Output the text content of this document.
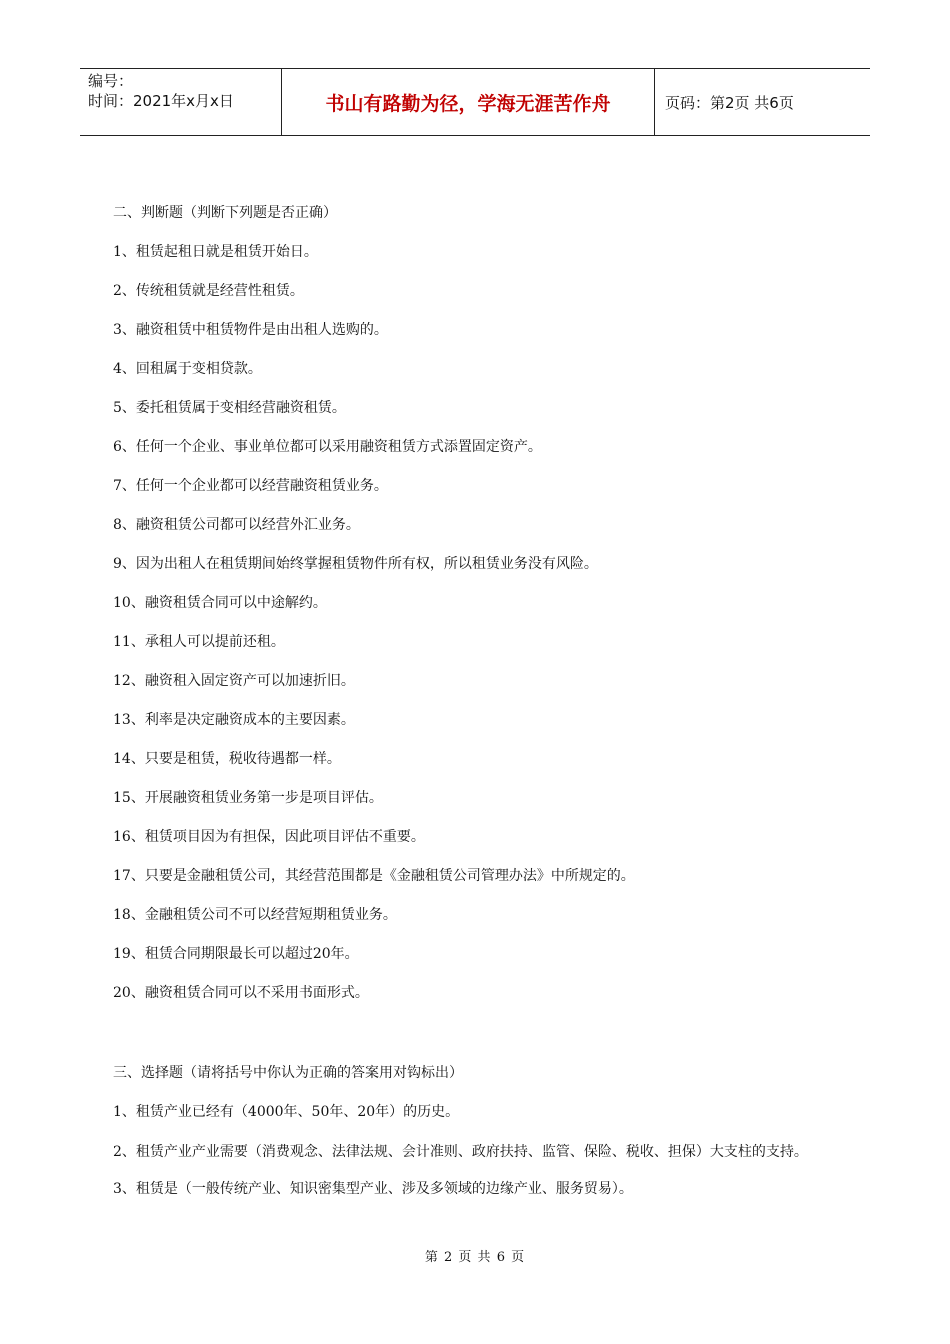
编号：
时间：2021年x月x日	书山有路勤为径，学海无涯苦作舟	页码：第2页 共6页
二、判断题（判断下列题是否正确）
1、租赁起租日就是租赁开始日。
2、传统租赁就是经营性租赁。
3、融资租赁中租赁物件是由出租人选购的。
4、回租属于变相贷款。
5、委托租赁属于变相经营融资租赁。
6、任何一个企业、事业单位都可以采用融资租赁方式添置固定资产。
7、任何一个企业都可以经营融资租赁业务。
8、融资租赁公司都可以经营外汇业务。
9、因为出租人在租赁期间始终掌握租赁物件所有权，所以租赁业务没有风险。
10、融资租赁合同可以中途解约。
11、承租人可以提前还租。
12、融资租入固定资产可以加速折旧。
13、利率是决定融资成本的主要因素。
14、只要是租赁，税收待遇都一样。
15、开展融资租赁业务第一步是项目评估。
16、租赁项目因为有担保，因此项目评估不重要。
17、只要是金融租赁公司，其经营范围都是《金融租赁公司管理办法》中所规定的。
18、金融租赁公司不可以经营短期租赁业务。
19、租赁合同期限最长可以超过20年。
20、融资租赁合同可以不采用书面形式。
三、选择题（请将括号中你认为正确的答案用对钩标出）
1、租赁产业已经有（4000年、50年、20年）的历史。
2、租赁产业产业需要（消费观念、法律法规、会计准则、政府扶持、监管、保险、税收、担保）大支柱的支持。
3、租赁是（一般传统产业、知识密集型产业、涉及多领域的边缘产业、服务贸易）。
第 2 页 共 6 页
